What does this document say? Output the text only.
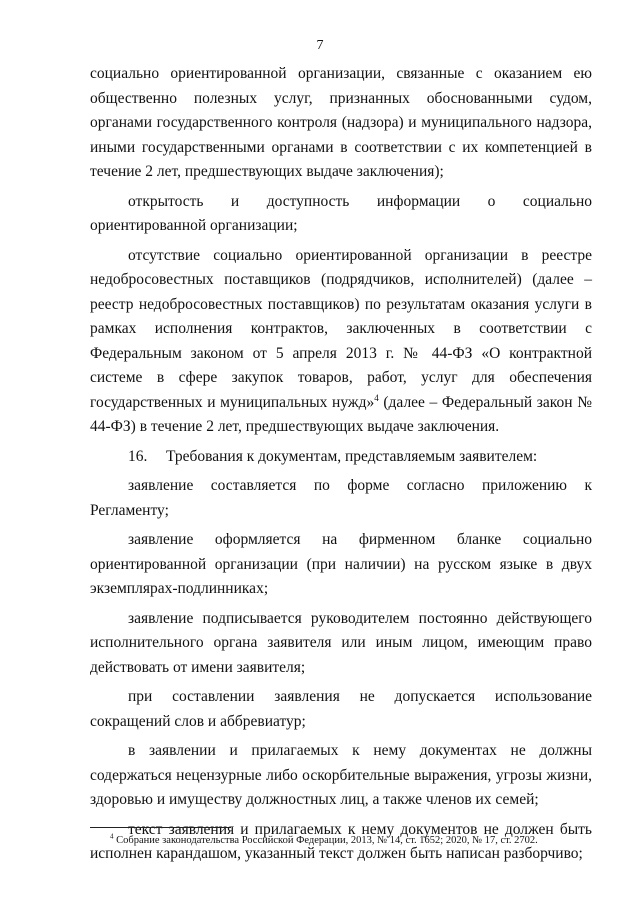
7

социально ориентированной организации, связанные с оказанием ею общественно полезных услуг, признанных обоснованными судом, органами государственного контроля (надзора) и муниципального надзора, иными государственными органами в соответствии с их компетенцией в течение 2 лет, предшествующих выдаче заключения);

открытость и доступность информации о социально ориентированной организации;

отсутствие социально ориентированной организации в реестре недобросовестных поставщиков (подрядчиков, исполнителей) (далее – реестр недобросовестных поставщиков) по результатам оказания услуги в рамках исполнения контрактов, заключенных в соответствии с Федеральным законом от 5 апреля 2013 г. № 44-ФЗ «О контрактной системе в сфере закупок товаров, работ, услуг для обеспечения государственных и муниципальных нужд»$^4$ (далее – Федеральный закон № 44-ФЗ) в течение 2 лет, предшествующих выдаче заключения.

16. Требования к документам, представляемым заявителем:

заявление составляется по форме согласно приложению к Регламенту;

заявление оформляется на фирменном бланке социально ориентированной организации (при наличии) на русском языке в двух экземплярах-подлинниках;

заявление подписывается руководителем постоянно действующего исполнительного органа заявителя или иным лицом, имеющим право действовать от имени заявителя;

при составлении заявления не допускается использование сокращений слов и аббревиатур;

в заявлении и прилагаемых к нему документах не должны содержаться нецензурные либо оскорбительные выражения, угрозы жизни, здоровью и имуществу должностных лиц, а также членов их семей;

текст заявления и прилагаемых к нему документов не должен быть исполнен карандашом, указанный текст должен быть написан разборчиво;

$^4$ Собрание законодательства Российской Федерации, 2013, № 14, ст. 1652; 2020, № 17, ст. 2702.
